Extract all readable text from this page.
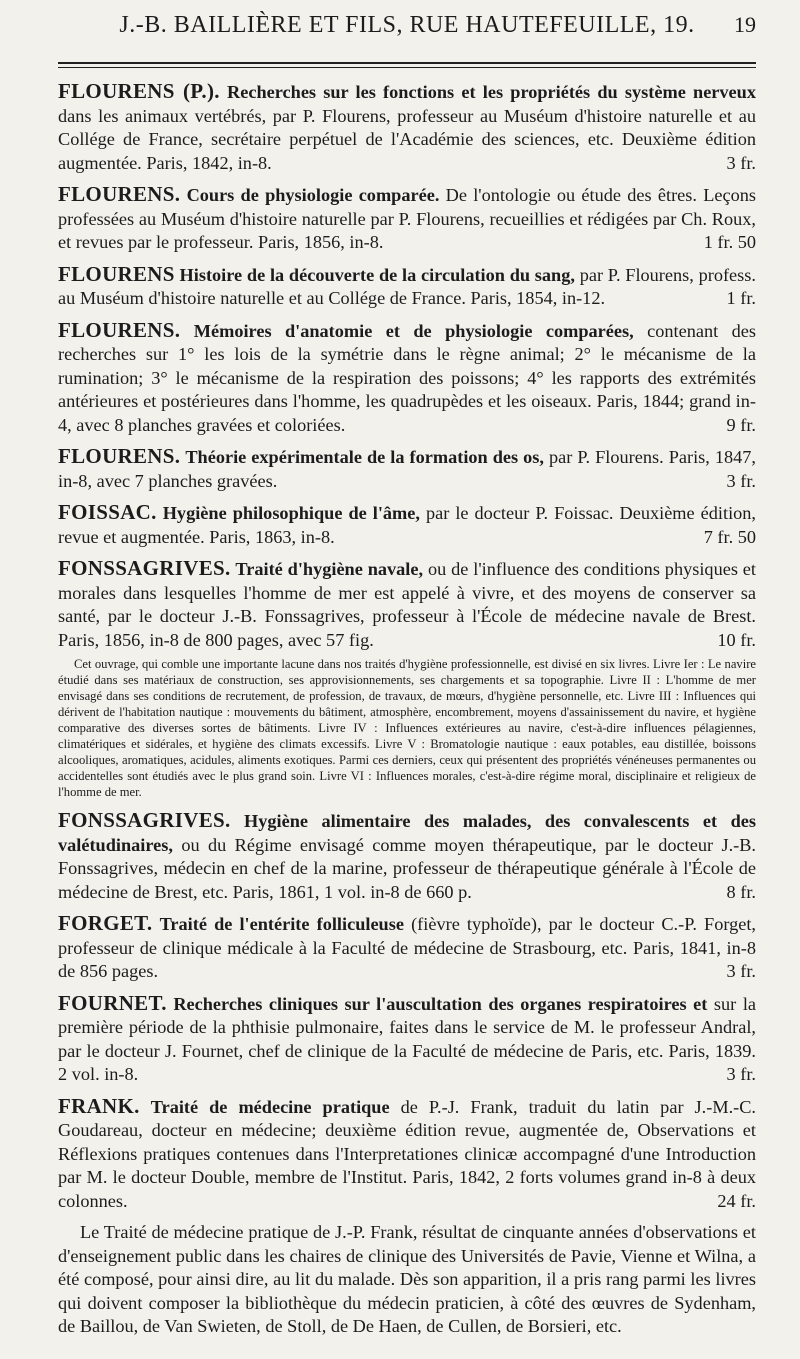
J.-B. BAILLIÈRE ET FILS, RUE HAUTEFEUILLE, 19.	19
FLOURENS (P.). Recherches sur les fonctions et les propriétés du système nerveux dans les animaux vertébrés, par P. Flourens, professeur au Muséum d'histoire naturelle et au Collége de France, secrétaire perpétuel de l'Académie des sciences, etc. Deuxième édition augmentée. Paris, 1842, in-8.	3 fr.
FLOURENS. Cours de physiologie comparée. De l'ontologie ou étude des êtres. Leçons professées au Muséum d'histoire naturelle par P. Flourens, recueillies et rédigées par Ch. Roux, et revues par le professeur. Paris, 1856, in-8.	1 fr. 50
FLOURENS Histoire de la découverte de la circulation du sang, par P. Flourens, profess. au Muséum d'histoire naturelle et au Collége de France. Paris, 1854, in-12.	1 fr.
FLOURENS. Mémoires d'anatomie et de physiologie comparées, contenant des recherches sur 1° les lois de la symétrie dans le règne animal; 2° le mécanisme de la rumination; 3° le mécanisme de la respiration des poissons; 4° les rapports des extrémités antérieures et postérieures dans l'homme, les quadrupèdes et les oiseaux. Paris, 1844; grand in-4, avec 8 planches gravées et coloriées.	9 fr.
FLOURENS. Théorie expérimentale de la formation des os, par P. Flourens. Paris, 1847, in-8, avec 7 planches gravées.	3 fr.
FOISSAC. Hygiène philosophique de l'âme, par le docteur P. Foissac. Deuxième édition, revue et augmentée. Paris, 1863, in-8.	7 fr. 50
FONSSAGRIVES. Traité d'hygiène navale, ou de l'influence des conditions physiques et morales dans lesquelles l'homme de mer est appelé à vivre, et des moyens de conserver sa santé, par le docteur J.-B. Fonssagrives, professeur à l'École de médecine navale de Brest. Paris, 1856, in-8 de 800 pages, avec 57 fig.	10 fr.
Cet ouvrage, qui comble une importante lacune dans nos traités d'hygiène professionnelle, est divisé en six livres. Livre Ier : Le navire étudié dans ses matériaux de construction, ses approvisionnements, ses chargements et sa topographie. Livre II : L'homme de mer envisagé dans ses conditions de recrutement, de profession, de travaux, de mœurs, d'hygiène personnelle, etc. Livre III : Influences qui dérivent de l'habitation nautique : mouvements du bâtiment, atmosphère, encombrement, moyens d'assainissement du navire, et hygiène comparative des diverses sortes de bâtiments. Livre IV : Influences extérieures au navire, c'est-à-dire influences pélagiennes, climatériques et sidérales, et hygiène des climats excessifs. Livre V : Bromatologie nautique : eaux potables, eau distillée, boissons alcooliques, aromatiques, acidules, aliments exotiques. Parmi ces derniers, ceux qui présentent des propriétés vénéneuses permanentes ou accidentelles sont étudiés avec le plus grand soin. Livre VI : Influences morales, c'est-à-dire régime moral, disciplinaire et religieux de l'homme de mer.
FONSSAGRIVES. Hygiène alimentaire des malades, des convalescents et des valétudinaires, ou du Régime envisagé comme moyen thérapeutique, par le docteur J.-B. Fonssagrives, médecin en chef de la marine, professeur de thérapeutique générale à l'École de médecine de Brest, etc. Paris, 1861, 1 vol. in-8 de 660 p.	8 fr.
FORGET. Traité de l'entérite folliculeuse (fièvre typhoïde), par le docteur C.-P. Forget, professeur de clinique médicale à la Faculté de médecine de Strasbourg, etc. Paris, 1841, in-8 de 856 pages.	3 fr.
FOURNET. Recherches cliniques sur l'auscultation des organes respiratoires et sur la première période de la phthisie pulmonaire, faites dans le service de M. le professeur Andral, par le docteur J. Fournet, chef de clinique de la Faculté de médecine de Paris, etc. Paris, 1839. 2 vol. in-8.	3 fr.
FRANK. Traité de médecine pratique de P.-J. Frank, traduit du latin par J.-M.-C. Goudareau, docteur en médecine; deuxième édition revue, augmentée de, Observations et Réflexions pratiques contenues dans l'Interpretationes clinicæ accompagné d'une Introduction par M. le docteur Double, membre de l'Institut. Paris, 1842, 2 forts volumes grand in-8 à deux colonnes.	24 fr.
Le Traité de médecine pratique de J.-P. Frank, résultat de cinquante années d'observations et d'enseignement public dans les chaires de clinique des Universités de Pavie, Vienne et Wilna, a été composé, pour ainsi dire, au lit du malade. Dès son apparition, il a pris rang parmi les livres qui doivent composer la bibliothèque du médecin praticien, à côté des œuvres de Sydenham, de Baillou, de Van Swieten, de Stoll, de De Haen, de Cullen, de Borsieri, etc.
